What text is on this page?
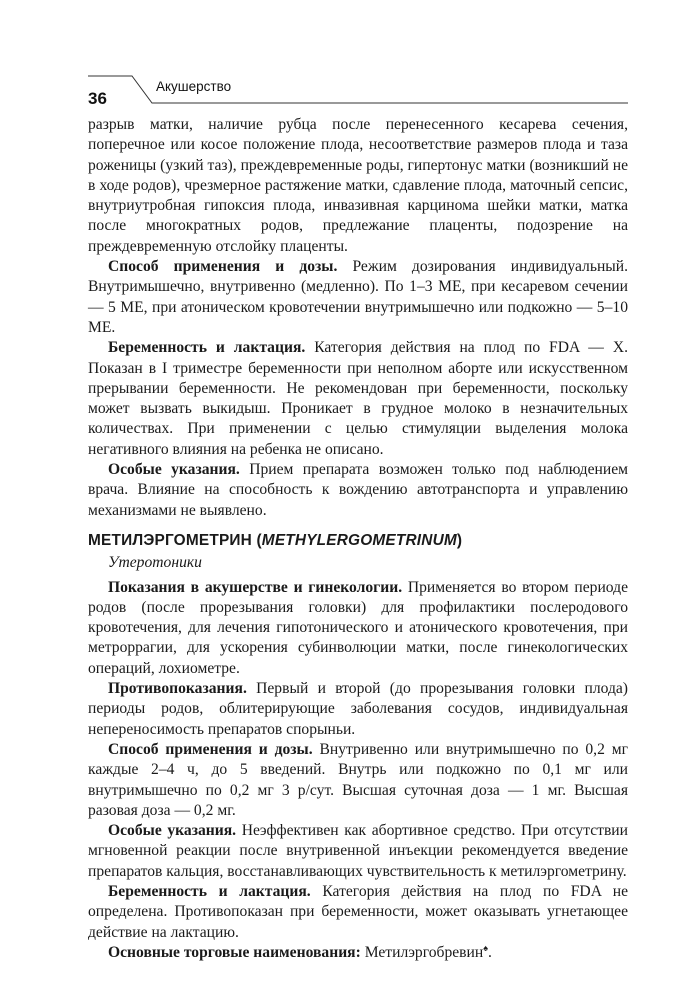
36
Акушерство

разрыв матки, наличие рубца после перенесенного кесарева сечения, поперечное или косое положение плода, несоответствие размеров плода и таза роженицы (узкий таз), преждевременные роды, гипертонус матки (возникший не в ходе родов), чрезмерное растяжение матки, сдавление плода, маточный сепсис, внутриутробная гипоксия плода, инвазивная карцинома шейки матки, матка после многократных родов, предлежание плаценты, подозрение на преждевременную отслойку плаценты.

Способ применения и дозы. Режим дозирования индивидуальный. Внутримышечно, внутривенно (медленно). По 1–3 МЕ, при кесаревом сечении — 5 МЕ, при атоническом кровотечении внутримышечно или подкожно — 5–10 МЕ.

Беременность и лактация. Категория действия на плод по FDA — X. Показан в I триместре беременности при неполном аборте или искусственном прерывании беременности. Не рекомендован при беременности, поскольку может вызвать выкидыш. Проникает в грудное молоко в незначительных количествах. При применении с целью стимуляции выделения молока негативного влияния на ребенка не описано.

Особые указания. Прием препарата возможен только под наблюдением врача. Влияние на способность к вождению автотранспорта и управлению механизмами не выявлено.

МЕТИЛЭРГОМЕТРИН (METHYLERGOMETRINUM)
Утеротоники

Показания в акушерстве и гинекологии. Применяется во втором периоде родов (после прорезывания головки) для профилактики послеродового кровотечения, для лечения гипотонического и атонического кровотечения, при метроррагии, для ускорения субинволюции матки, после гинекологических операций, лохиометре.

Противопоказания. Первый и второй (до прорезывания головки плода) периоды родов, облитерирующие заболевания сосудов, индивидуальная непереносимость препаратов спорыньи.

Способ применения и дозы. Внутривенно или внутримышечно по 0,2 мг каждые 2–4 ч, до 5 введений. Внутрь или подкожно по 0,1 мг или внутримышечно по 0,2 мг 3 р/сут. Высшая суточная доза — 1 мг. Высшая разовая доза — 0,2 мг.

Особые указания. Неэффективен как абортивное средство. При отсутствии мгновенной реакции после внутривенной инъекции рекомендуется введение препаратов кальция, восстанавливающих чувствительность к метилэргометрину.

Беременность и лактация. Категория действия на плод по FDA не определена. Противопоказан при беременности, может оказывать угнетающее действие на лактацию.

Основные торговые наименования: Метилэргобревин♠.
